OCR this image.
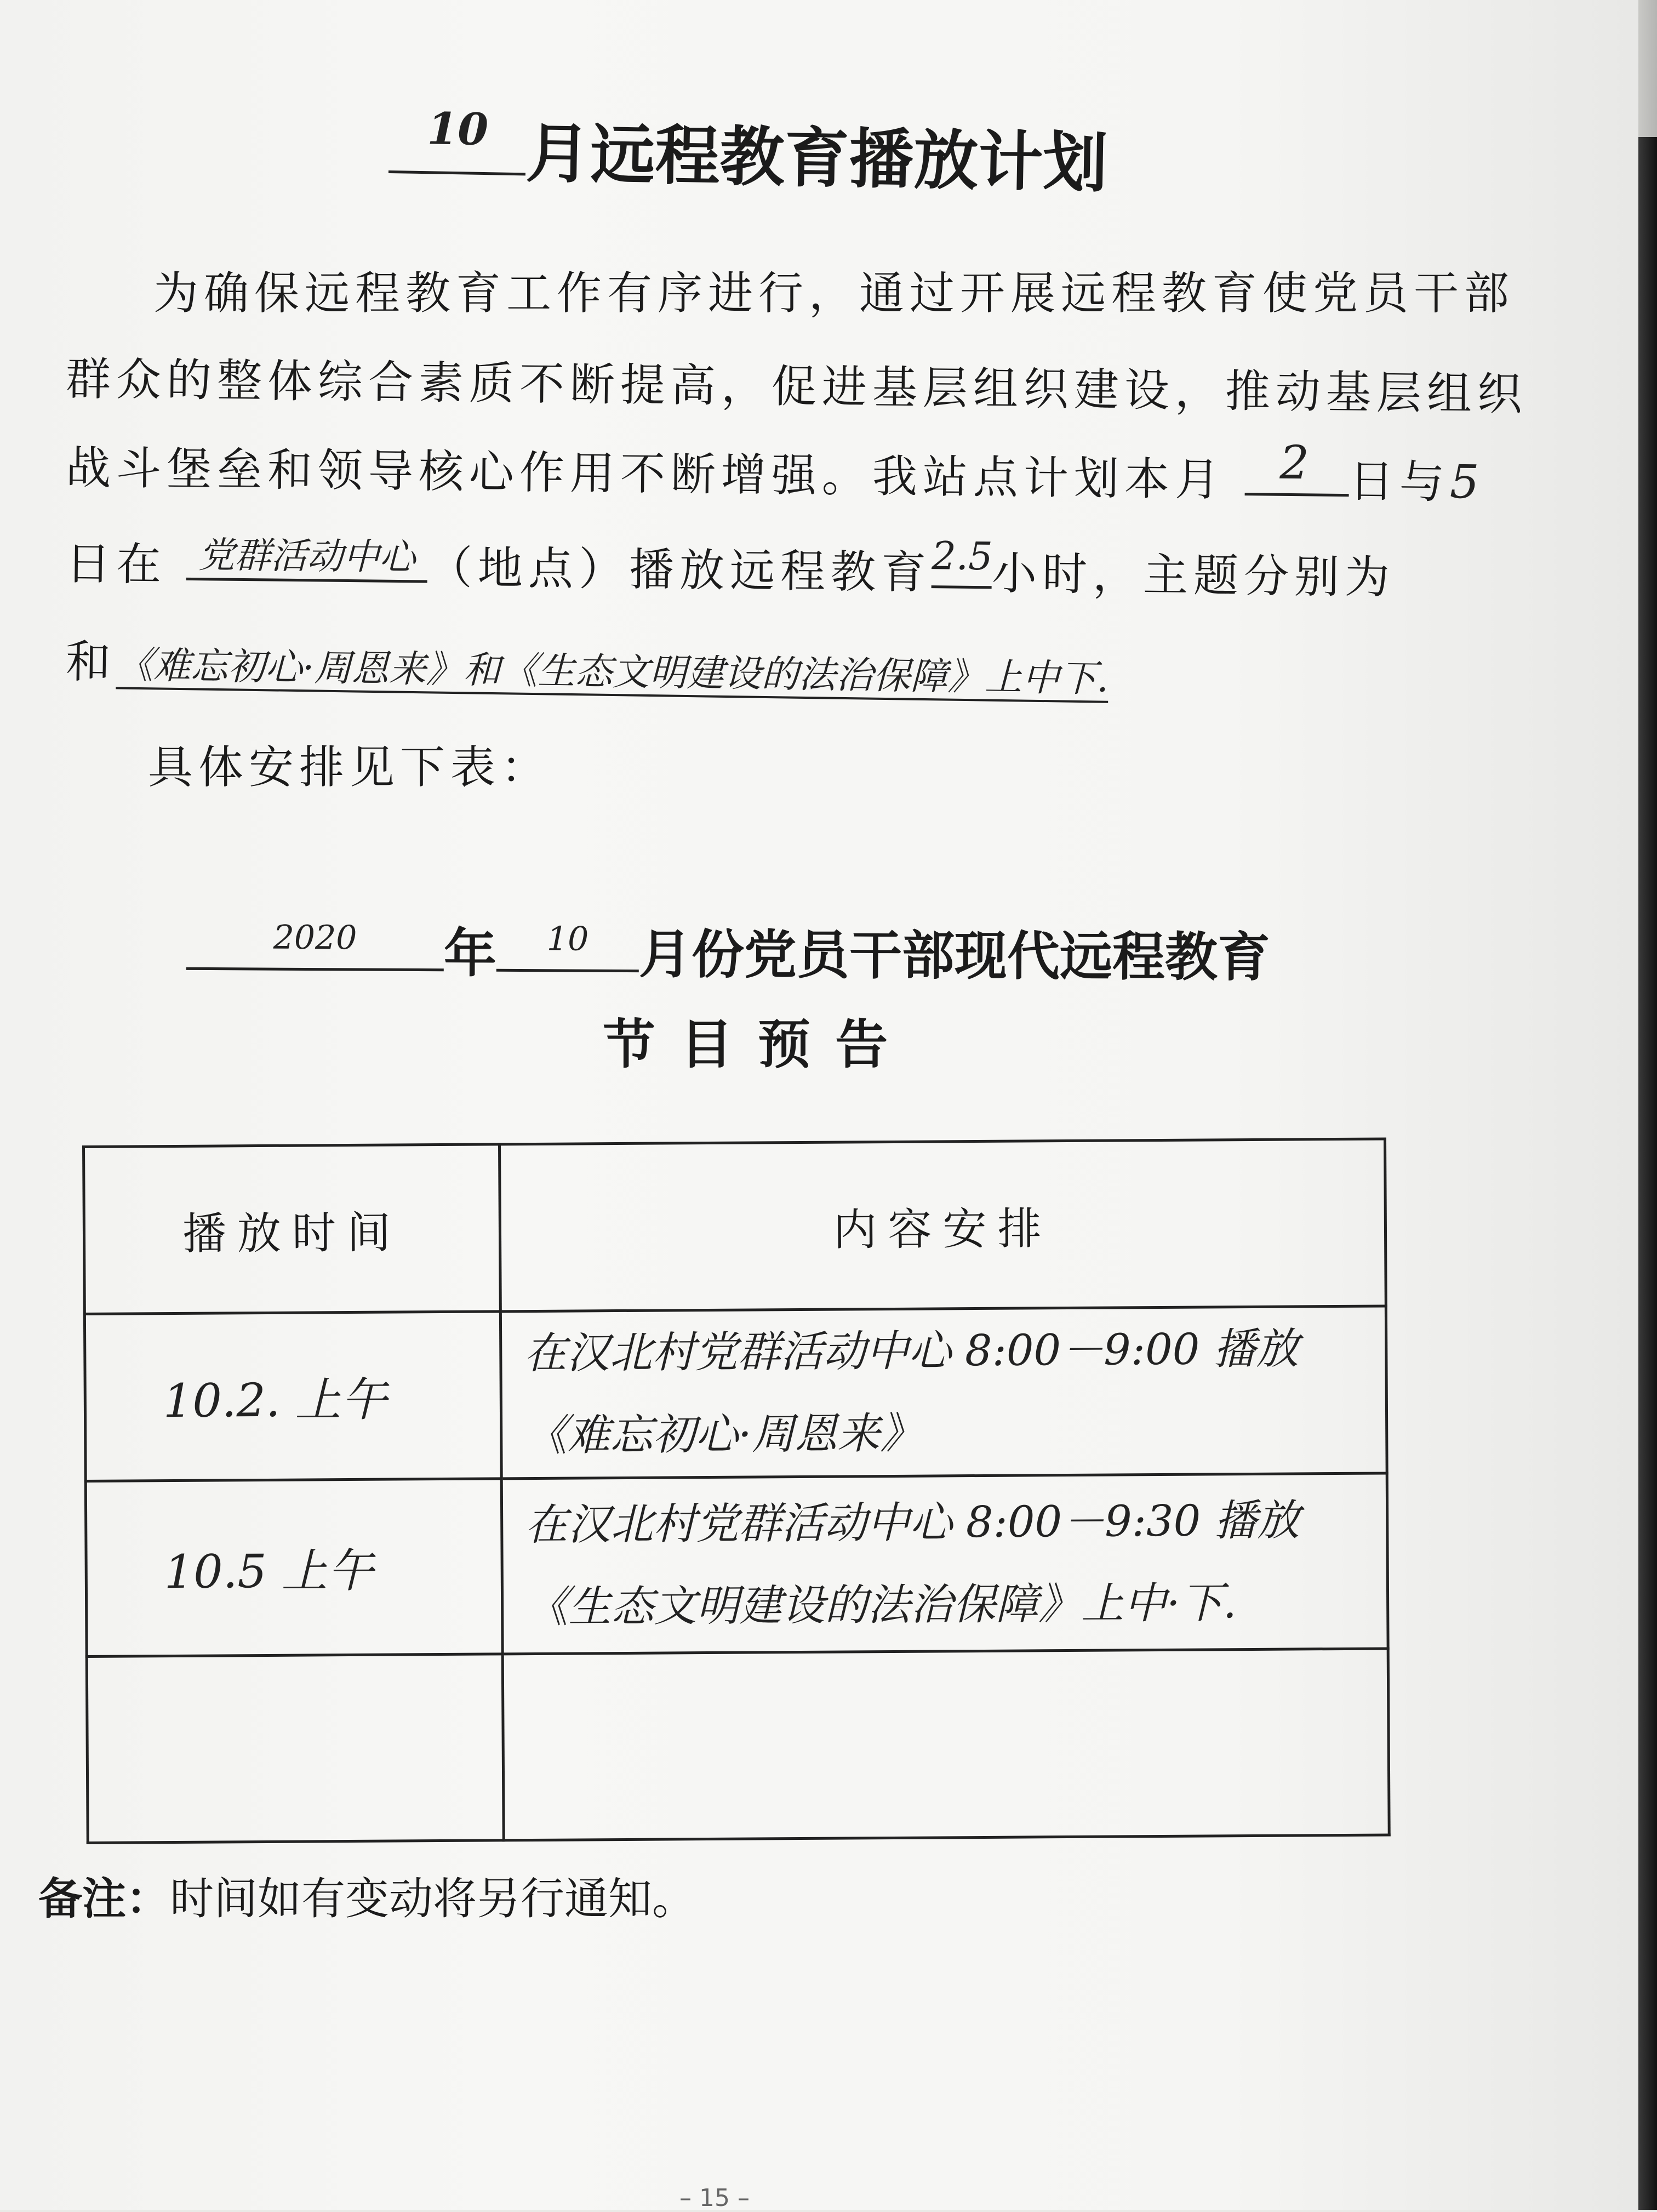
10 月远程教育播放计划
为确保远程教育工作有序进行，通过开展远程教育使党员干部
群众的整体综合素质不断提高，促进基层组织建设，推动基层组织
战斗堡垒和领导核心作用不断增强。我站点计划本月	2 日与5
日在 党群活动中心 （地点）播放远程教育 2.5
小时，主题分别为
和《难忘初心·周恩来》和《生态文明建设的法治保障》上中下.
具体安排见下表：
2020	年	10 月份党员干部现代远程教育
节 目 预 告
播放时间	内容安排
10.2. 上午	在汉北村党群活动中心 8:00－9:00 播放
《难忘初心·周恩来》

10.5 上午	在汉北村党群活动中心 8:00－9:30 播放
《生态文明建设的法治保障》上中·下.

备注：时间如有变动将另行通知。
– 15 –
